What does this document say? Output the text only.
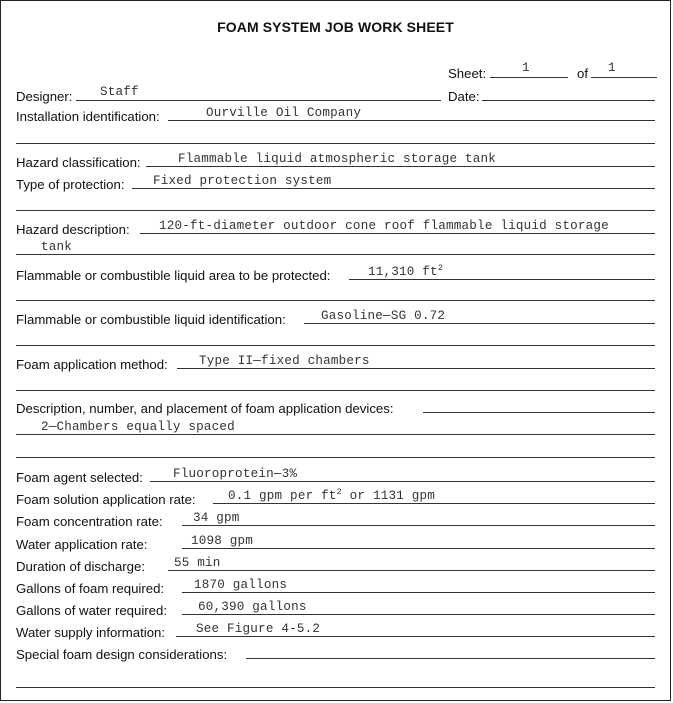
FOAM SYSTEM JOB WORK SHEET
Sheet:	1	of 1
Designer: Staff	Date:
Installation identification:	Ourville Oil Company
Hazard classification:	Flammable liquid atmospheric storage tank
Type of protection: Fixed protection system
Hazard description: 120-ft-diameter outdoor cone roof flammable liquid storage
tank
Flammable or combustible liquid area to be protected:	11,310 $ft^2$
Flammable or combustible liquid identification:	Gasoline—SG 0.72
Foam application method: Type II—fixed chambers
Description, number, and placement of foam application devices:
2—Chambers equally spaced
Foam agent selected: Fluoroprotein—3%
Foam solution application rate:	0.1 gpm per $ft^2$ or 1131 gpm
Foam concentration rate: 34 gpm
Water application rate:	1098 gpm
Duration of discharge: 55 min
Gallons of foam required: 1870 gallons
Gallons of water required: 60,390 gallons
Water supply information: See Figure 4-5.2
Special foam design considerations:
